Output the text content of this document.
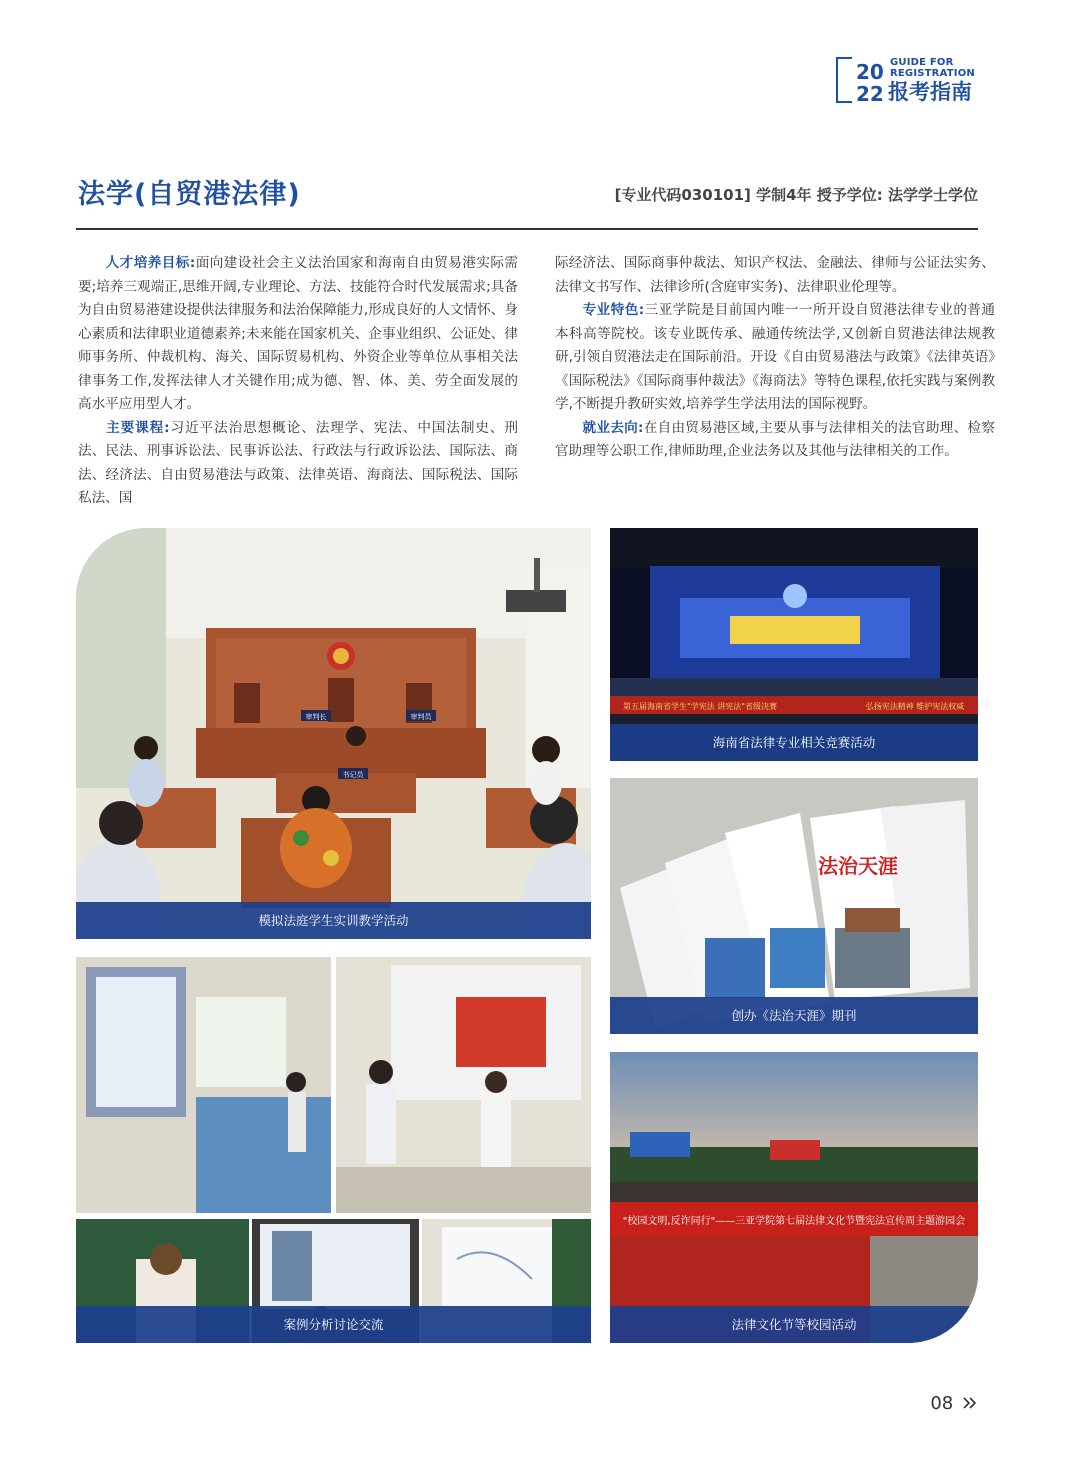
20
22
GUIDE FOR
REGISTRATION
报考指南
法学(自贸港法律)	[专业代码030101] 学制4年 授予学位: 法学学士学位

  人才培养目标:面向建设社会主义法治国家和海南自由贸易港实际需要;培养三观端正,思维开阔,专业理论、方法、技能符合时代发展需求;具备为自由贸易港建设提供法律服务和法治保障能力,形成良好的人文情怀、身心素质和法律职业道德素养;未来能在国家机关、企事业组织、公证处、律师事务所、仲裁机构、海关、国际贸易机构、外资企业等单位从事相关法律事务工作,发挥法律人才关键作用;成为德、智、体、美、劳全面发展的高水平应用型人才。

  主要课程:习近平法治思想概论、法理学、宪法、中国法制史、刑法、民法、刑事诉讼法、民事诉讼法、行政法与行政诉讼法、国际法、商法、经济法、自由贸易港法与政策、法律英语、海商法、国际税法、国际私法、国

际经济法、国际商事仲裁法、知识产权法、金融法、律师与公证法实务、法律文书写作、法律诊所(含庭审实务)、法律职业伦理等。

  专业特色:三亚学院是目前国内唯一一所开设自贸港法律专业的普通本科高等院校。该专业既传承、融通传统法学,又创新自贸港法律法规教研,引领自贸港法走在国际前沿。开设《自由贸易港法与政策》《法律英语》《国际税法》《国际商事仲裁法》《海商法》等特色课程,依托实践与案例教学,不断提升教研实效,培养学生学法用法的国际视野。

  就业去向:在自由贸易港区域,主要从事与法律相关的法官助理、检察官助理等公职工作,律师助理,企业法务以及其他与法律相关的工作。

审判长	审判员
书记员
模拟法庭学生实训教学活动
第五届海南省学生"学宪法 讲宪法"省级决赛	弘扬宪法精神 维护宪法权威
海南省法律专业相关竞赛活动
法治天涯
创办《法治天涯》期刊
案例分析讨论交流
"校园文明,反诈同行"——三亚学院第七届法律文化节暨宪法宣传周主题游园会
法律文化节等校园活动
08
